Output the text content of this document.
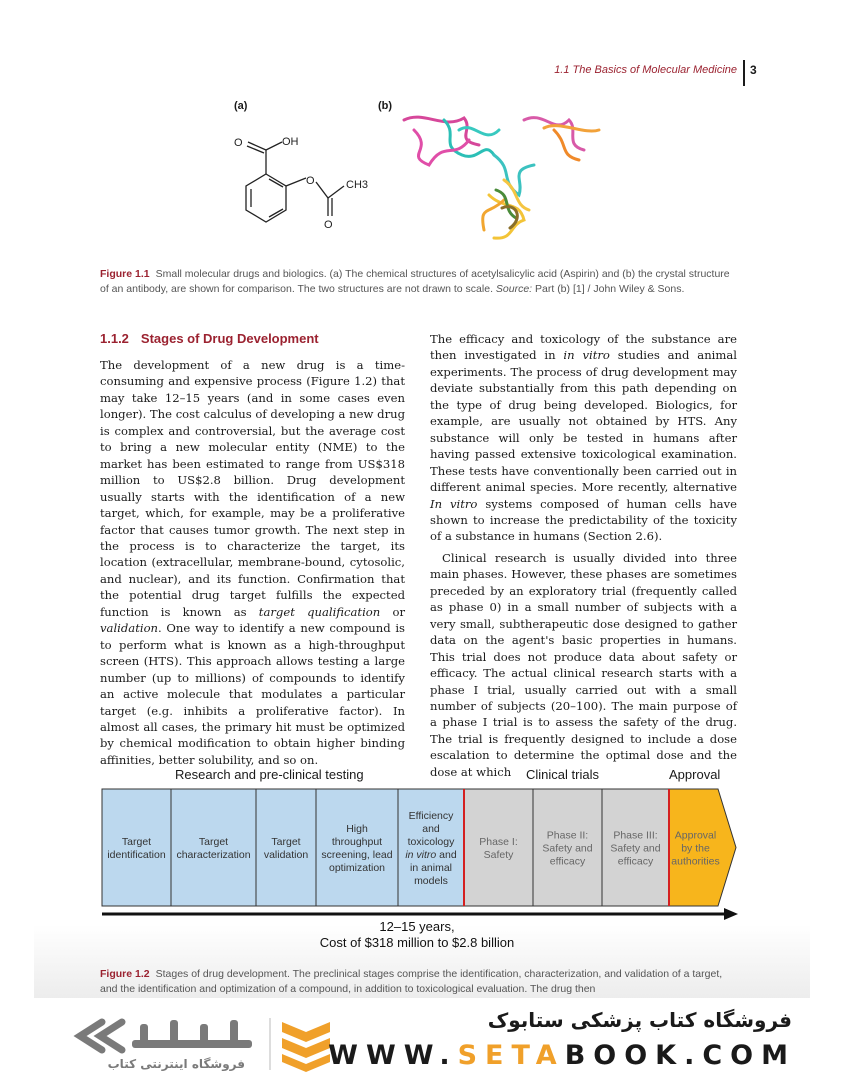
1.1 The Basics of Molecular Medicine 3
(a)
O	OH
O
O
CH3
(b)
Figure 1.1 Small molecular drugs and biologics. (a) The chemical structures of acetylsalicylic acid (Aspirin) and (b) the crystal structure of an antibody, are shown for comparison. The two structures are not drawn to scale. Source: Part (b) [1] / John Wiley & Sons.
1.1.2 Stages of Drug Development

The development of a new drug is a time-consuming and expensive process (Figure 1.2) that may take 12–15 years (and in some cases even longer). The cost calculus of developing a new drug is complex and controversial, but the average cost to bring a new molecular entity (NME) to the market has been estimated to range from US$318 million to US$2.8 billion. Drug development usually starts with the identification of a new target, which, for example, may be a proliferative factor that causes tumor growth. The next step in the process is to characterize the target, its location (extracellular, membrane-bound, cytosolic, and nuclear), and its function. Confirmation that the potential drug target fulfills the expected function is known as target qualification or validation. One way to identify a new compound is to perform what is known as a high-throughput screen (HTS). This approach allows testing a large number (up to millions) of compounds to identify an active molecule that modulates a particular target (e.g. inhibits a proliferative factor). In almost all cases, the primary hit must be optimized by chemical modification to obtain higher binding affinities, better solubility, and so on.

The efficacy and toxicology of the substance are then investigated in in vitro studies and animal experiments. The process of drug development may deviate substantially from this path depending on the type of drug being developed. Biologics, for example, are usually not obtained by HTS. Any substance will only be tested in humans after having passed extensive toxicological examination. These tests have conventionally been carried out in different animal species. More recently, alternative In vitro systems composed of human cells have shown to increase the predictability of the toxicity of a substance in humans (Section 2.6).

Clinical research is usually divided into three main phases. However, these phases are sometimes preceded by an exploratory trial (frequently called as phase 0) in a small number of subjects with a very small, subtherapeutic dose designed to gather data on the agent's basic properties in humans. This trial does not produce data about safety or efficacy. The actual clinical research starts with a phase I trial, usually carried out with a small number of subjects (20–100). The main purpose of a phase I trial is to assess the safety of the drug. The trial is frequently designed to include a dose escalation to determine the optimal dose and the dose at which

Research and pre-clinical testing	Clinical trials	Approval
Target identification
Target characterization
Target validation
High throughput screening, lead optimization
Efficiency and toxicology in vitro and in animal models
Phase I: Safety
Phase II: Safety and efficacy
Phase III: Safety and efficacy
Approval by the authorities
12–15 years,
Cost of $318 million to $2.8 billion
Figure 1.2 Stages of drug development. The preclinical stages comprise the identification, characterization, and validation of a target, and the identification and optimization of a compound, in addition to toxicological evaluation. The drug then
فروشگاه اینترنتی کتاب
فروشگاه کتاب پزشکی ستابوک
WWW.SETABOOK.COM
